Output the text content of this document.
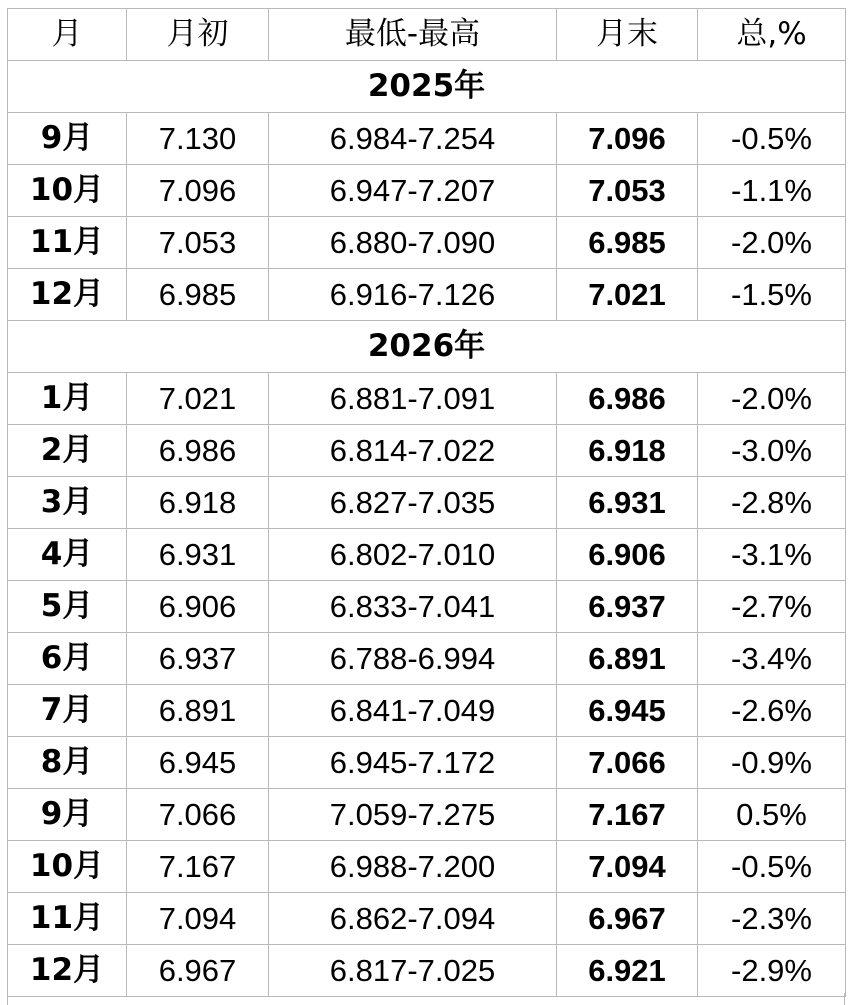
月	月初	最低-最高	月末	总,%
2025年				
9月	7.130	6.984-7.254	7.096	-0.5%
10月	7.096	6.947-7.207	7.053	-1.1%
11月	7.053	6.880-7.090	6.985	-2.0%
12月	6.985	6.916-7.126	7.021	-1.5%
2026年				
1月	7.021	6.881-7.091	6.986	-2.0%
2月	6.986	6.814-7.022	6.918	-3.0%
3月	6.918	6.827-7.035	6.931	-2.8%
4月	6.931	6.802-7.010	6.906	-3.1%
5月	6.906	6.833-7.041	6.937	-2.7%
6月	6.937	6.788-6.994	6.891	-3.4%
7月	6.891	6.841-7.049	6.945	-2.6%
8月	6.945	6.945-7.172	7.066	-0.9%
9月	7.066	7.059-7.275	7.167	0.5%
10月	7.167	6.988-7.200	7.094	-0.5%
11月	7.094	6.862-7.094	6.967	-2.3%
12月	6.967	6.817-7.025	6.921	-2.9%
